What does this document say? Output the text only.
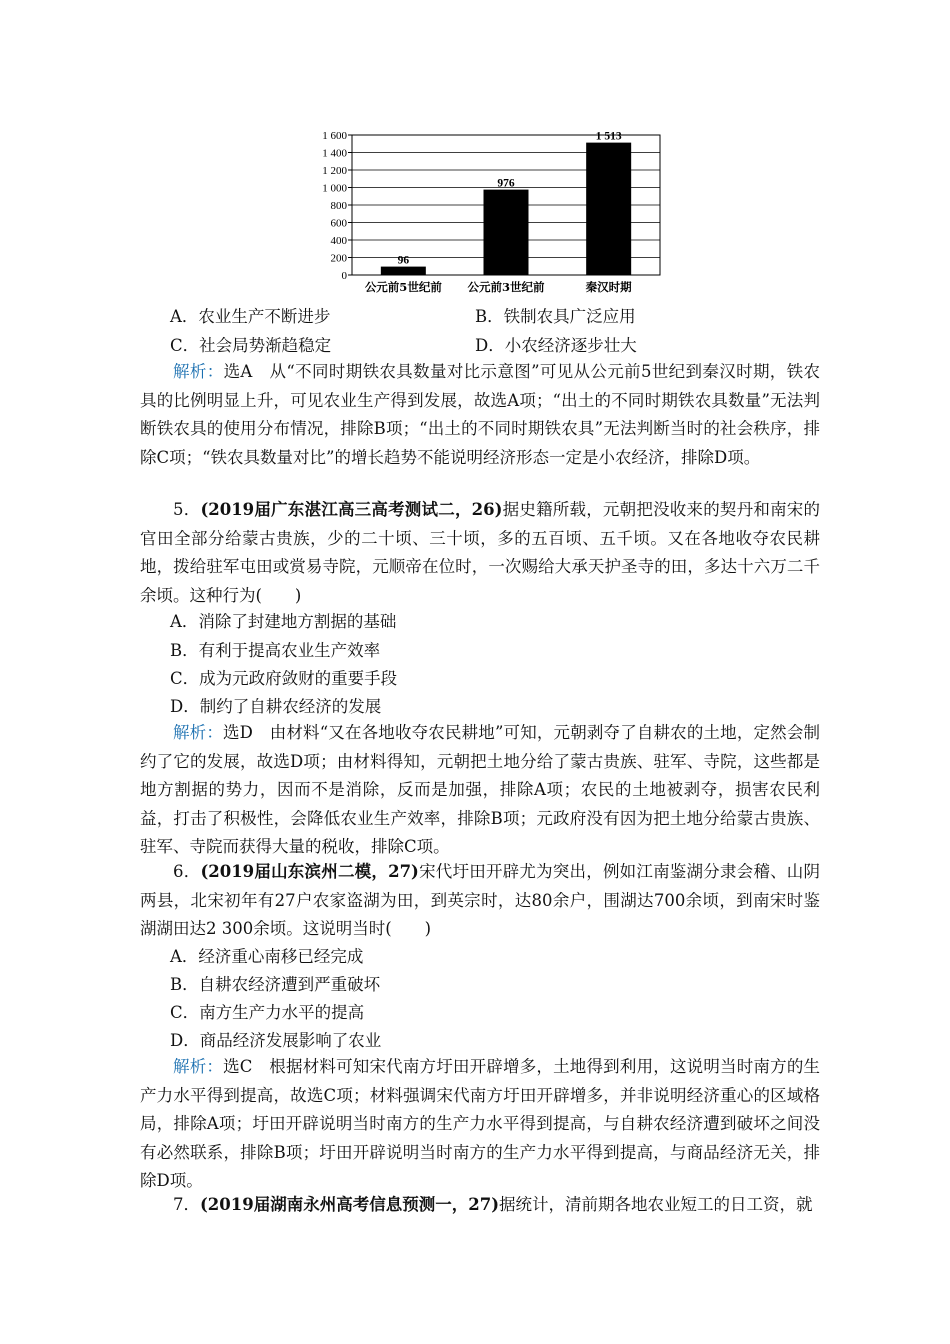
0
200
400
600
800
1 000
1 200
1 400
1 600
96
976
1 513
公元前5世纪前 公元前3世纪前	秦汉时期
A．农业生产不断进步	B．铁制农具广泛应用
C．社会局势渐趋稳定	D．小农经济逐步壮大

解析：选A　从“不同时期铁农具数量对比示意图”可见从公元前5世纪到秦汉时期，铁农具的比例明显上升，可见农业生产得到发展，故选A项；“出土的不同时期铁农具数量”无法判断铁农具的使用分布情况，排除B项；“出土的不同时期铁农具”无法判断当时的社会秩序，排除C项；“铁农具数量对比”的增长趋势不能说明经济形态一定是小农经济，排除D项。

5．(2019届广东湛江高三高考测试二，26)据史籍所载，元朝把没收来的契丹和南宋的官田全部分给蒙古贵族，少的二十顷、三十顷，多的五百顷、五千顷。又在各地收夺农民耕地，拨给驻军屯田或赏易寺院，元顺帝在位时，一次赐给大承天护圣寺的田，多达十六万二千余顷。这种行为(　　)

A．消除了封建地方割据的基础

B．有利于提高农业生产效率

C．成为元政府敛财的重要手段

D．制约了自耕农经济的发展

解析：选D　由材料“又在各地收夺农民耕地”可知，元朝剥夺了自耕农的土地，定然会制约了它的发展，故选D项；由材料得知，元朝把土地分给了蒙古贵族、驻军、寺院，这些都是地方割据的势力，因而不是消除，反而是加强，排除A项；农民的土地被剥夺，损害农民利益，打击了积极性，会降低农业生产效率，排除B项；元政府没有因为把土地分给蒙古贵族、驻军、寺院而获得大量的税收，排除C项。

6．(2019届山东滨州二模，27)宋代圩田开辟尤为突出，例如江南鉴湖分隶会稽、山阴两县，北宋初年有27户农家盗湖为田，到英宗时，达80余户，围湖达700余顷，到南宋时鉴湖湖田达2 300余顷。这说明当时(　　)

A．经济重心南移已经完成

B．自耕农经济遭到严重破坏

C．南方生产力水平的提高

D．商品经济发展影响了农业

解析：选C　根据材料可知宋代南方圩田开辟增多，土地得到利用，这说明当时南方的生产力水平得到提高，故选C项；材料强调宋代南方圩田开辟增多，并非说明经济重心的区域格局，排除A项；圩田开辟说明当时南方的生产力水平得到提高，与自耕农经济遭到破坏之间没有必然联系，排除B项；圩田开辟说明当时南方的生产力水平得到提高，与商品经济无关，排除D项。

7．(2019届湖南永州高考信息预测一，27)据统计，清前期各地农业短工的日工资，就
